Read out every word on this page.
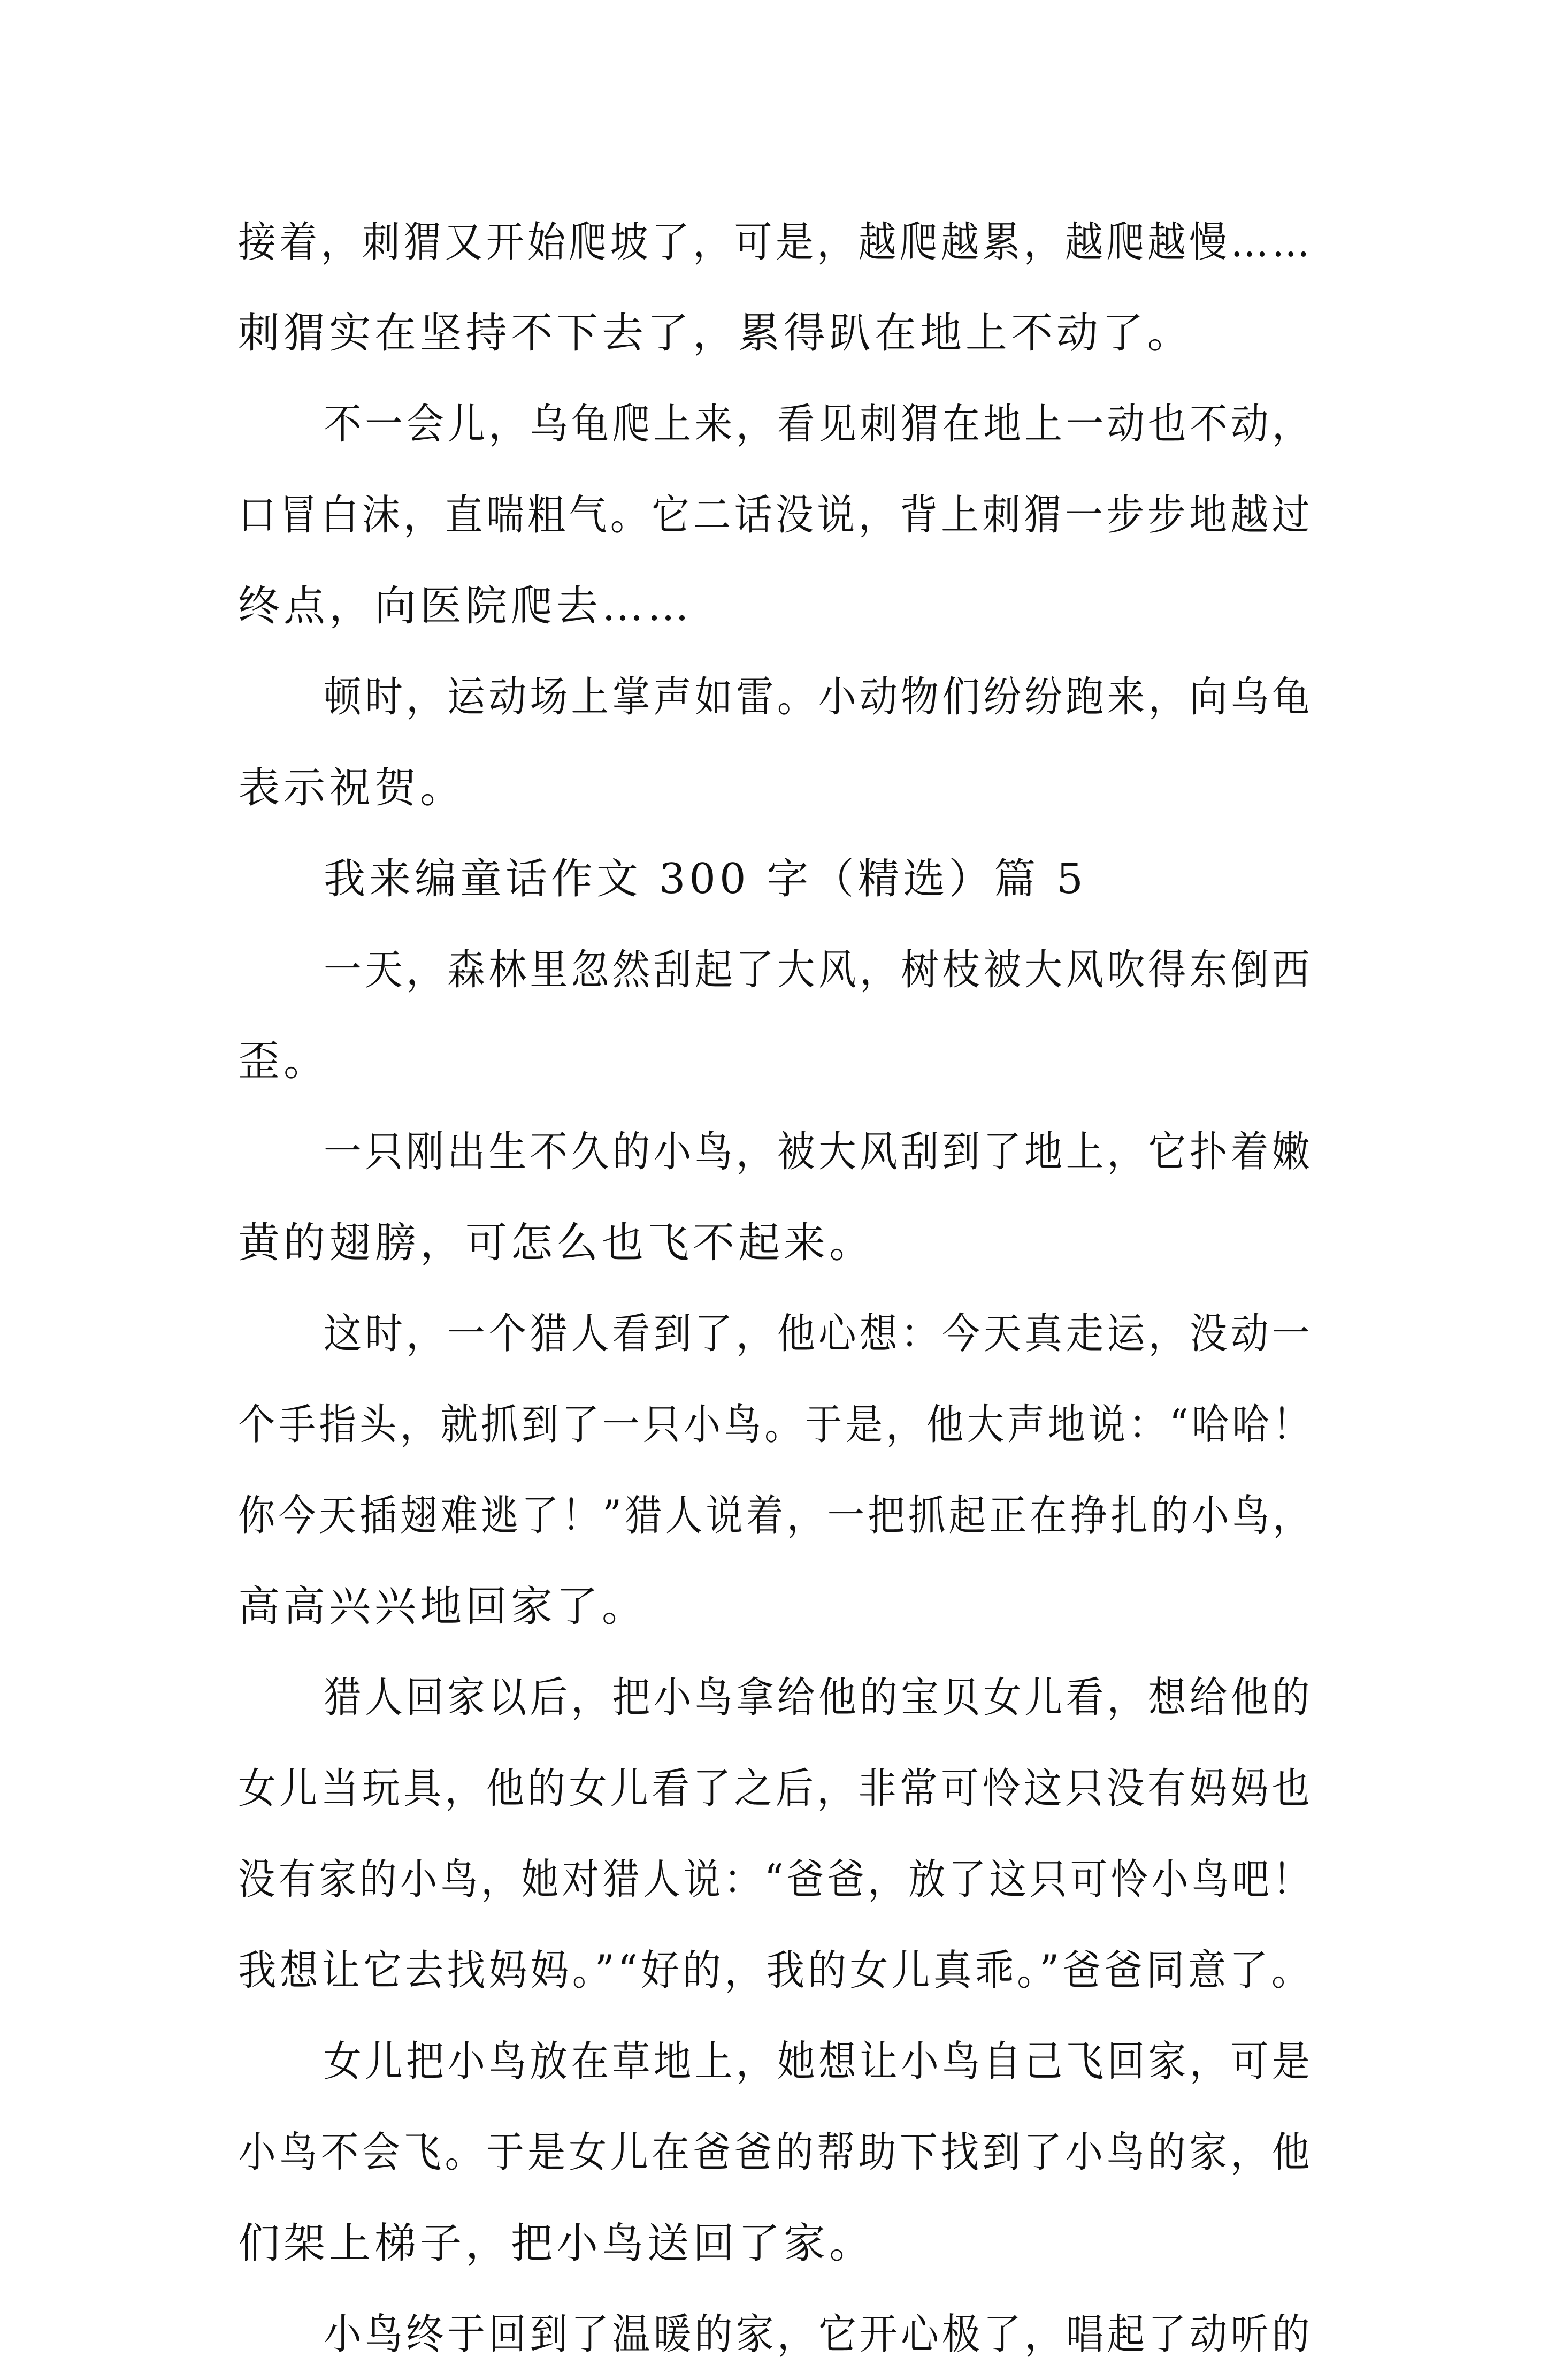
接着，刺猬又开始爬坡了，可是，越爬越累，越爬越慢……
刺猬实在坚持不下去了，累得趴在地上不动了。
不一会儿，乌龟爬上来，看见刺猬在地上一动也不动，
口冒白沫，直喘粗气。它二话没说，背上刺猬一步步地越过
终点，向医院爬去……
顿时，运动场上掌声如雷。小动物们纷纷跑来，向乌龟
表示祝贺。
我来编童话作文 300 字（精选）篇 5
一天，森林里忽然刮起了大风，树枝被大风吹得东倒西
歪。
一只刚出生不久的小鸟，被大风刮到了地上，它扑着嫩
黄的翅膀，可怎么也飞不起来。
这时，一个猎人看到了，他心想：今天真走运，没动一
个手指头，就抓到了一只小鸟。于是，他大声地说：“哈哈！
你今天插翅难逃了！”猎人说着，一把抓起正在挣扎的小鸟，
高高兴兴地回家了。
猎人回家以后，把小鸟拿给他的宝贝女儿看，想给他的
女儿当玩具，他的女儿看了之后，非常可怜这只没有妈妈也
没有家的小鸟，她对猎人说：“爸爸，放了这只可怜小鸟吧！
我想让它去找妈妈。”“好的，我的女儿真乖。”爸爸同意了。
女儿把小鸟放在草地上，她想让小鸟自己飞回家，可是
小鸟不会飞。于是女儿在爸爸的帮助下找到了小鸟的家，他
们架上梯子，把小鸟送回了家。
小鸟终于回到了温暖的家，它开心极了，唱起了动听的
